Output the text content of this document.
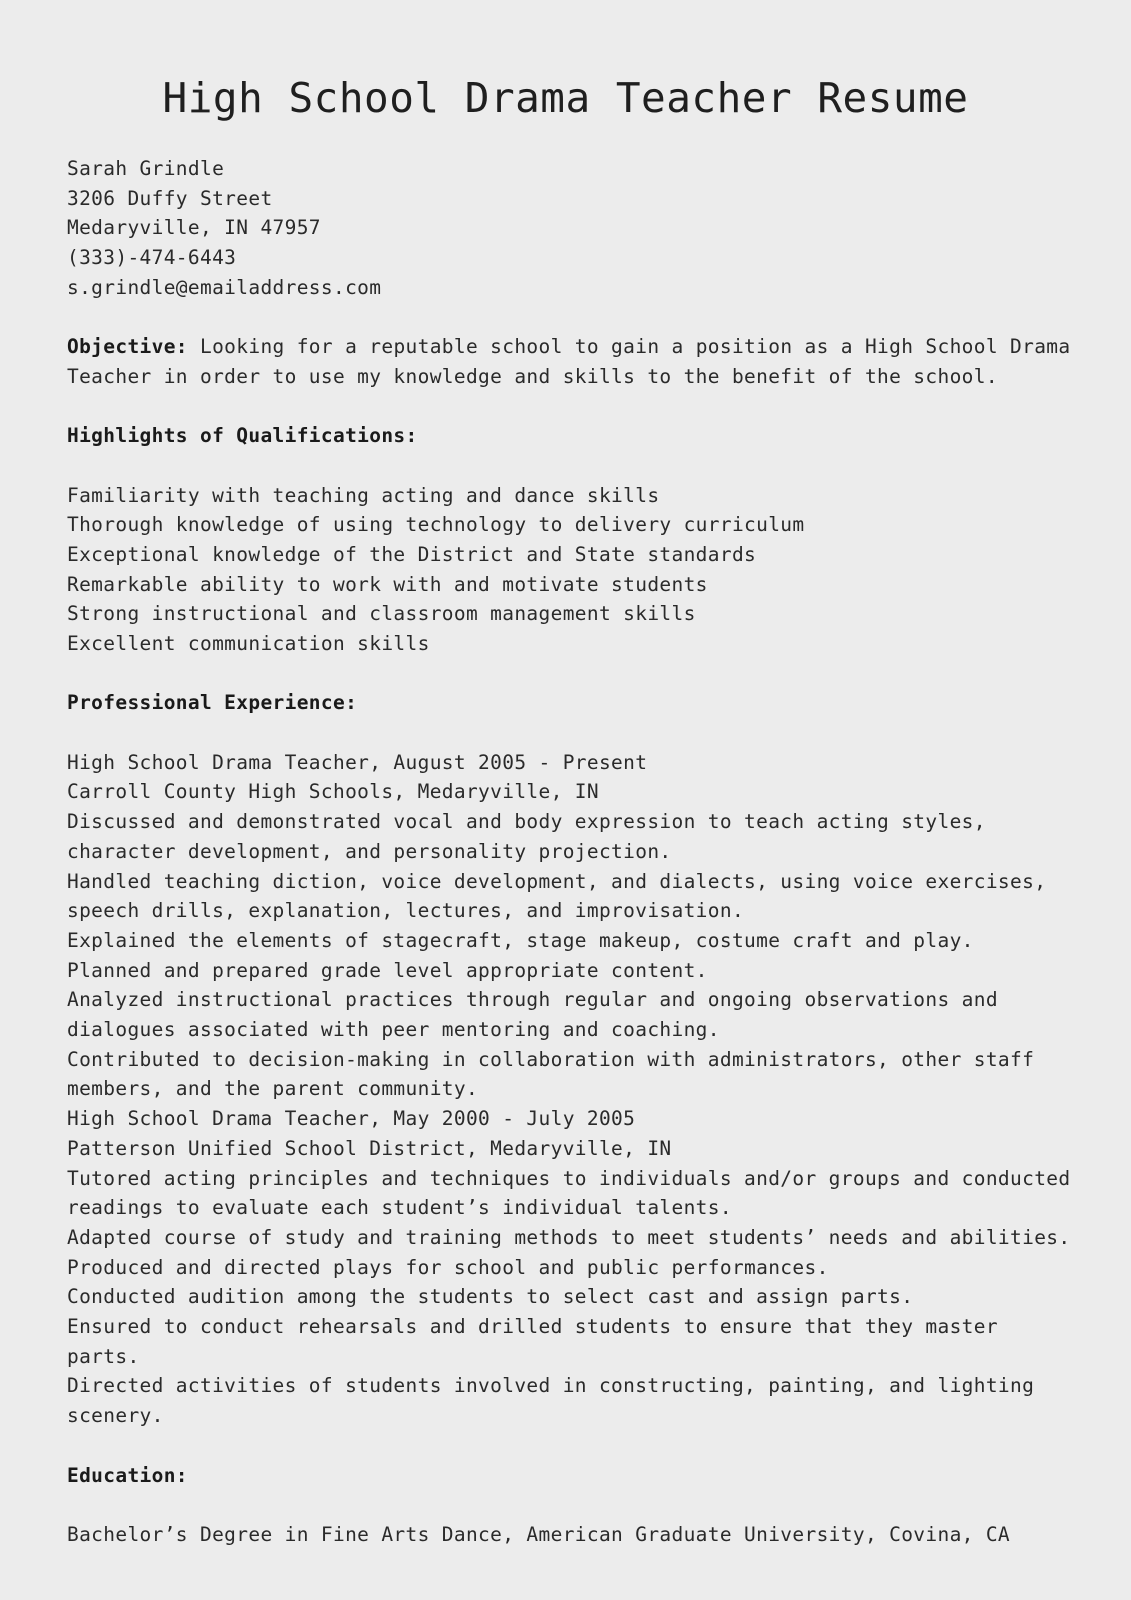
High School Drama Teacher Resume
Sarah Grindle
3206 Duffy Street
Medaryville, IN 47957
(333)-474-6443
s.grindle@emailaddress.com
Objective: Looking for a reputable school to gain a position as a High School Drama Teacher in order to use my knowledge and skills to the benefit of the school.
Highlights of Qualifications:
Familiarity with teaching acting and dance skills
Thorough knowledge of using technology to delivery curriculum
Exceptional knowledge of the District and State standards
Remarkable ability to work with and motivate students
Strong instructional and classroom management skills
Excellent communication skills
Professional Experience:
High School Drama Teacher, August 2005 - Present
Carroll County High Schools, Medaryville, IN
Discussed and demonstrated vocal and body expression to teach acting styles, character development, and personality projection.
Handled teaching diction, voice development, and dialects, using voice exercises, speech drills, explanation, lectures, and improvisation.
Explained the elements of stagecraft, stage makeup, costume craft and play.
Planned and prepared grade level appropriate content.
Analyzed instructional practices through regular and ongoing observations and dialogues associated with peer mentoring and coaching.
Contributed to decision-making in collaboration with administrators, other staff members, and the parent community.
High School Drama Teacher, May 2000 - July 2005
Patterson Unified School District, Medaryville, IN
Tutored acting principles and techniques to individuals and/or groups and conducted readings to evaluate each student’s individual talents.
Adapted course of study and training methods to meet students’ needs and abilities.
Produced and directed plays for school and public performances.
Conducted audition among the students to select cast and assign parts.
Ensured to conduct rehearsals and drilled students to ensure that they master parts.
Directed activities of students involved in constructing, painting, and lighting scenery.
Education:
Bachelor’s Degree in Fine Arts Dance, American Graduate University, Covina, CA
